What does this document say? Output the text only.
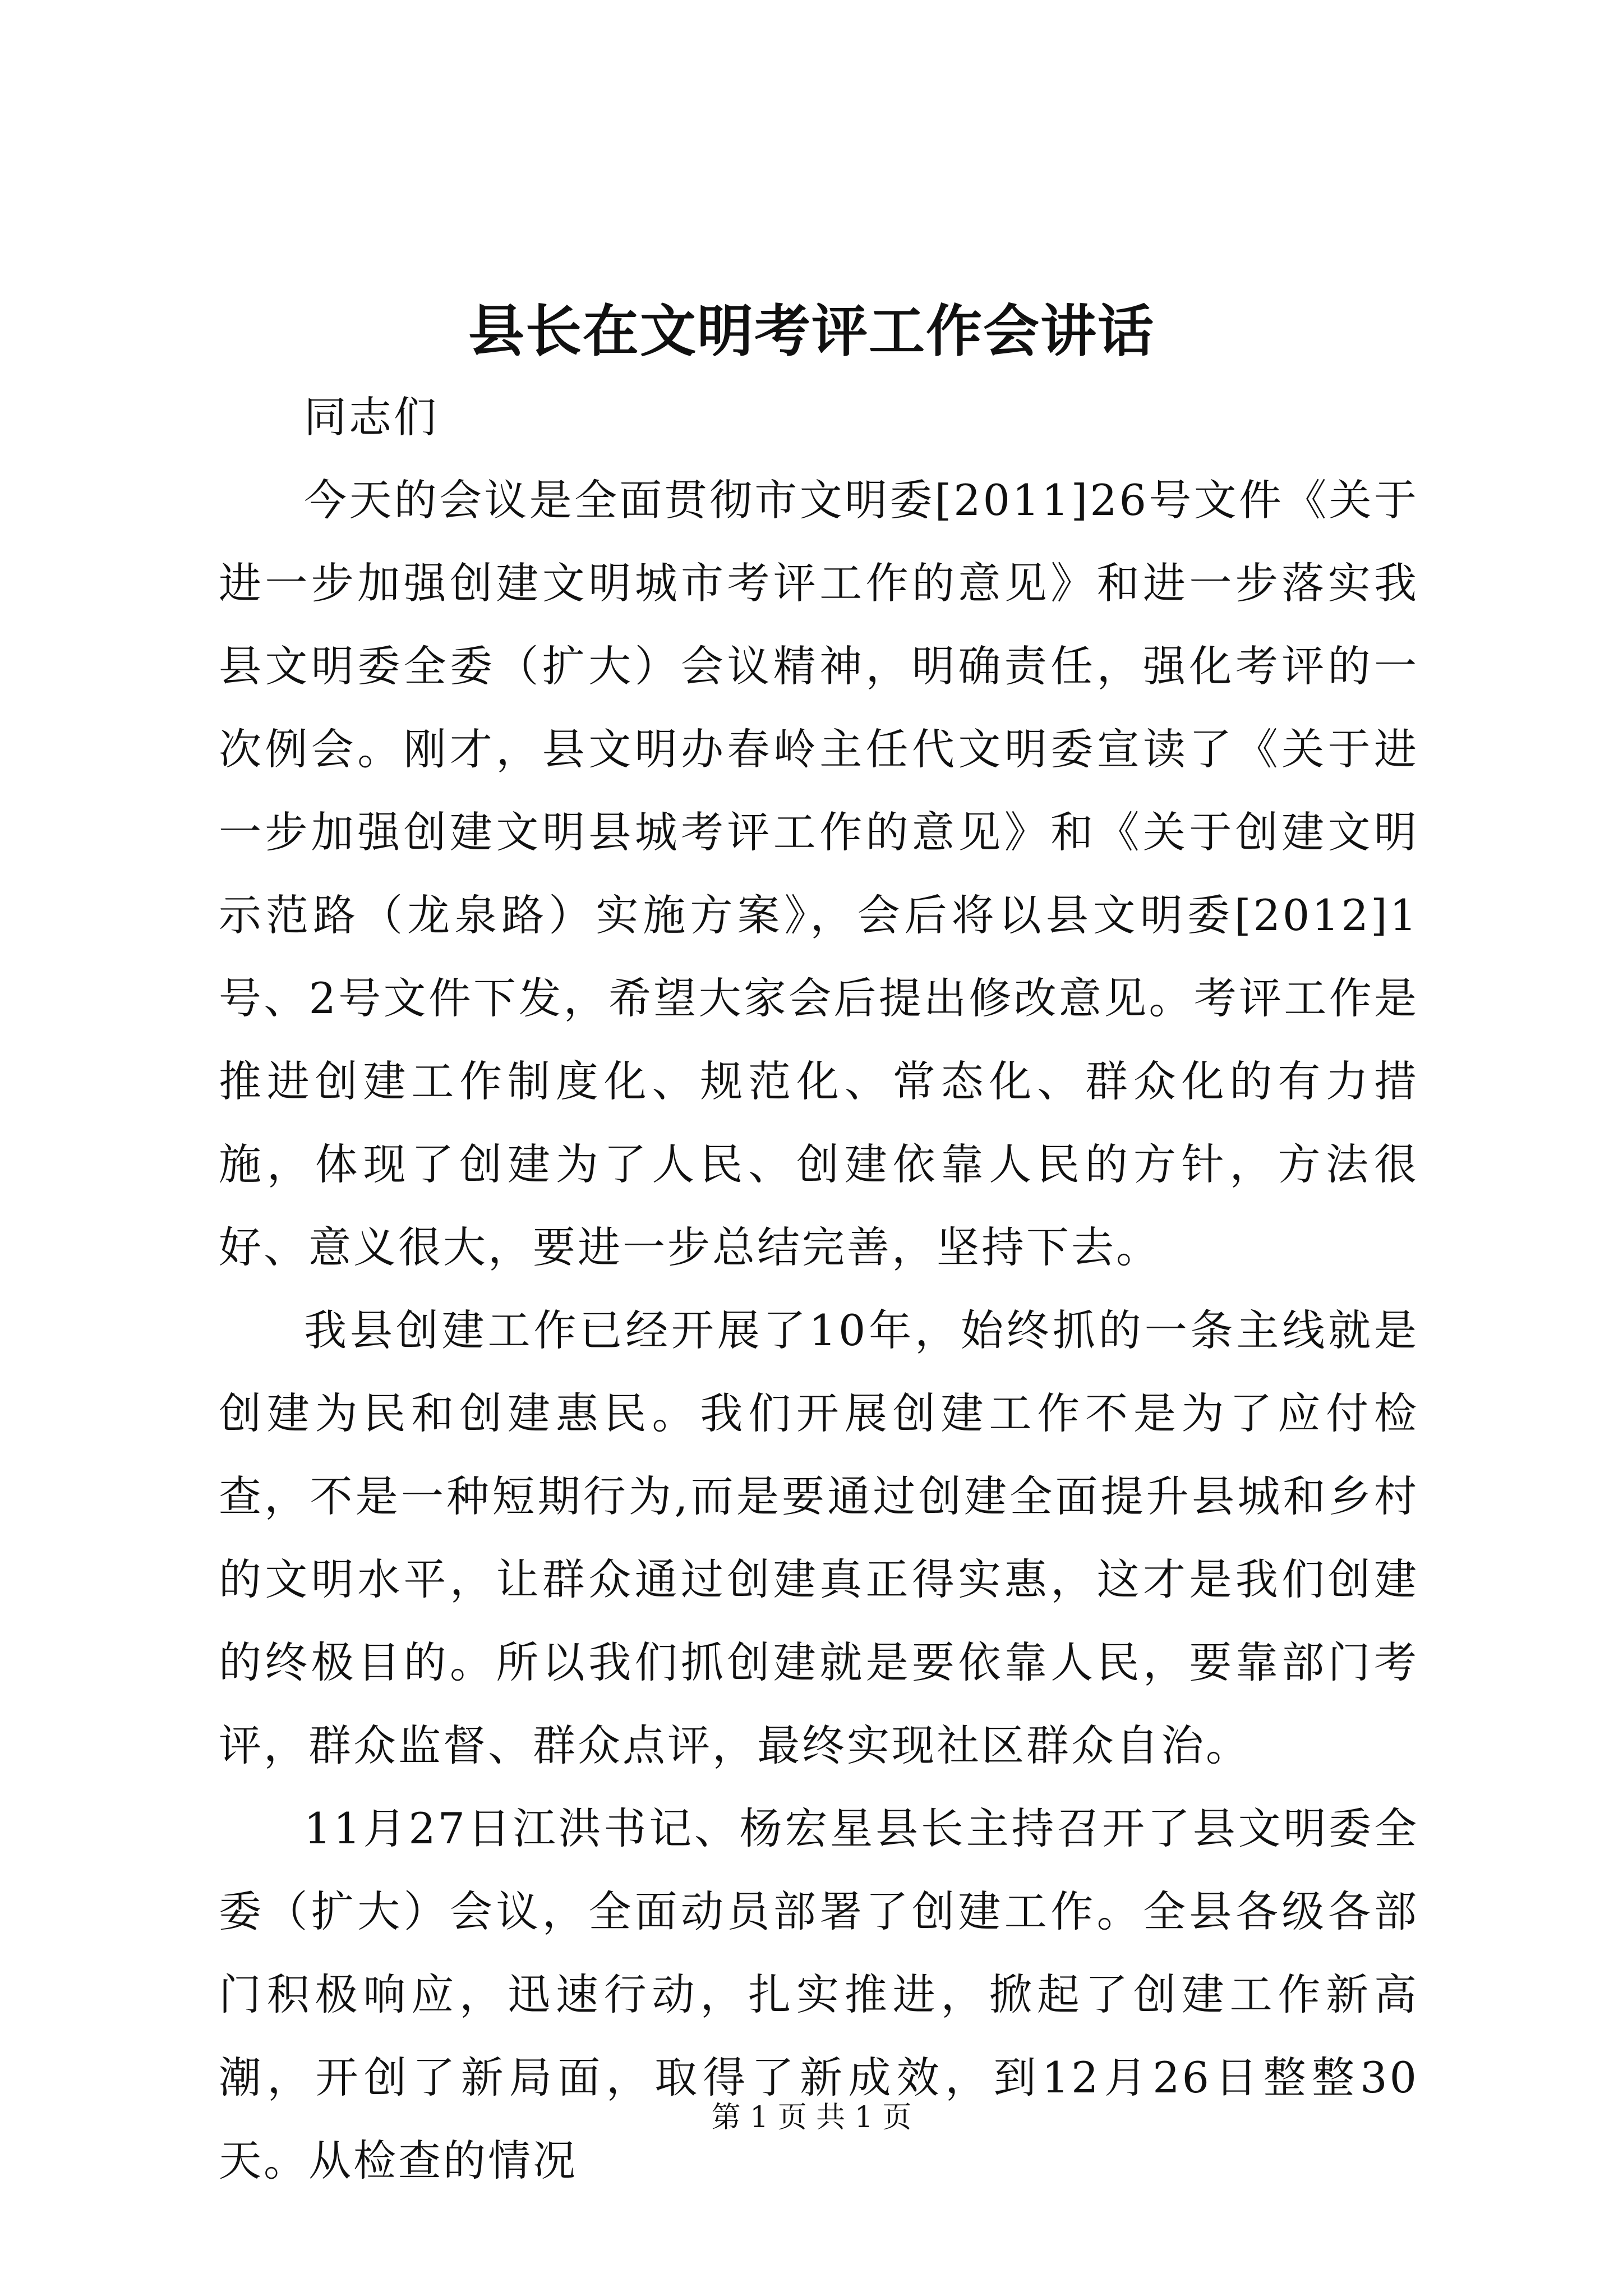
县长在文明考评工作会讲话

同志们

今天的会议是全面贯彻市文明委[2011]26号文件《关于进一步加强创建文明城市考评工作的意见》和进一步落实我县文明委全委（扩大）会议精神，明确责任，强化考评的一次例会。刚才，县文明办春岭主任代文明委宣读了《关于进一步加强创建文明县城考评工作的意见》和《关于创建文明示范路（龙泉路）实施方案》，会后将以县文明委[2012]1号、2号文件下发，希望大家会后提出修改意见。考评工作是推进创建工作制度化、规范化、常态化、群众化的有力措施，体现了创建为了人民、创建依靠人民的方针，方法很好、意义很大，要进一步总结完善，坚持下去。

我县创建工作已经开展了10年，始终抓的一条主线就是创建为民和创建惠民。我们开展创建工作不是为了应付检查，不是一种短期行为,而是要通过创建全面提升县城和乡村的文明水平，让群众通过创建真正得实惠，这才是我们创建的终极目的。所以我们抓创建就是要依靠人民，要靠部门考评，群众监督、群众点评，最终实现社区群众自治。

11月27日江洪书记、杨宏星县长主持召开了县文明委全委（扩大）会议，全面动员部署了创建工作。全县各级各部门积极响应，迅速行动，扎实推进，掀起了创建工作新高潮，开创了新局面，取得了新成效，到12月26日整整30天。从检查的情况

第 1 页 共 1 页
